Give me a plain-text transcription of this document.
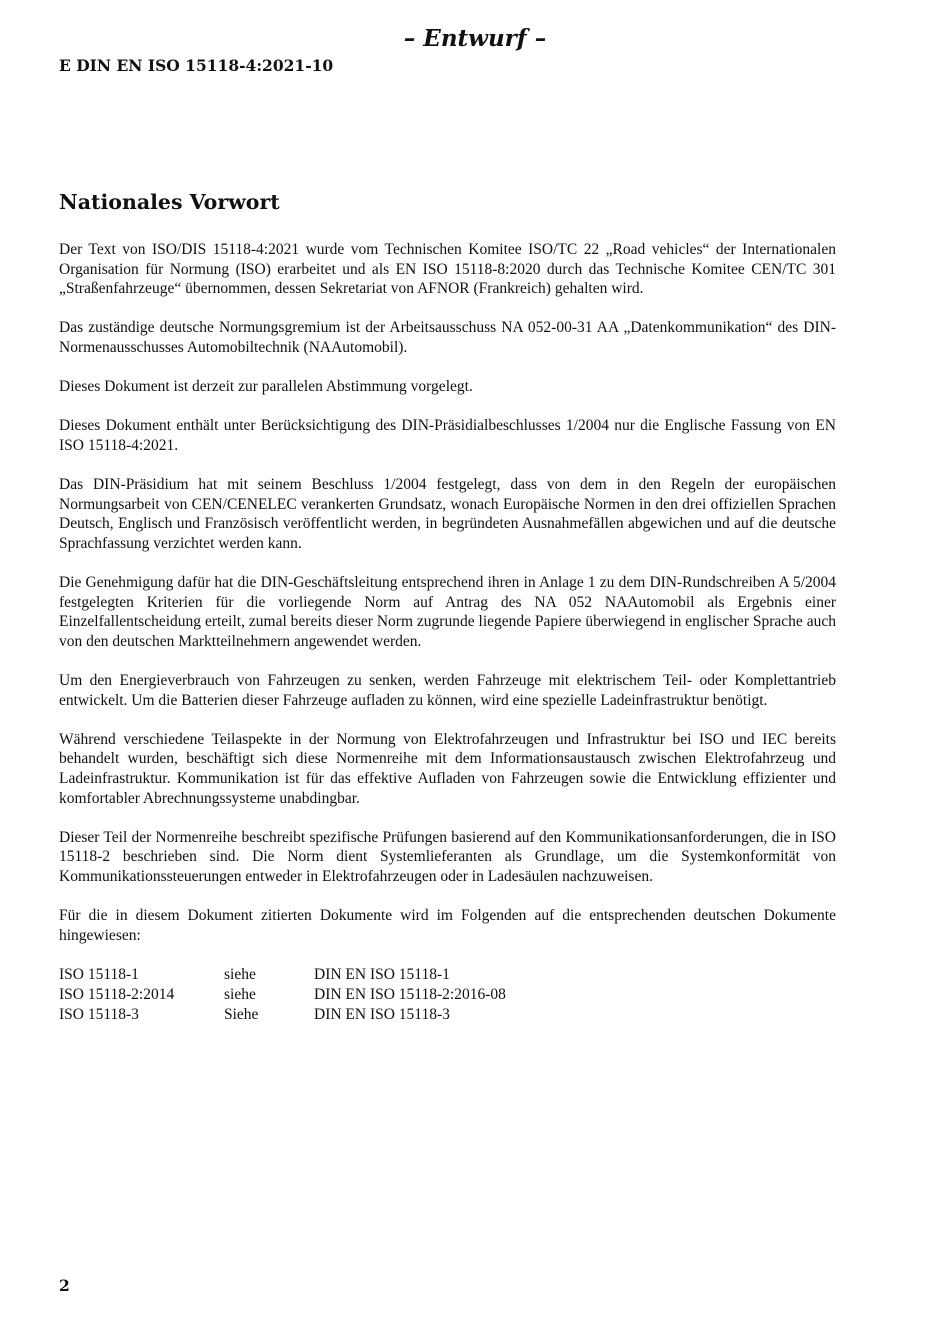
– Entwurf –
E DIN EN ISO 15118-4:2021-10
Nationales Vorwort

Der Text von ISO/DIS 15118-4:2021 wurde vom Technischen Komitee ISO/TC 22 „Road vehicles“ der Internationalen Organisation für Normung (ISO) erarbeitet und als EN ISO 15118-8:2020 durch das Technische Komitee CEN/TC 301 „Straßenfahrzeuge“ übernommen, dessen Sekretariat von AFNOR (Frankreich) gehalten wird.

Das zuständige deutsche Normungsgremium ist der Arbeitsausschuss NA 052-00-31 AA „Datenkommunikation“ des DIN-Normenausschusses Automobiltechnik (NAAutomobil).

Dieses Dokument ist derzeit zur parallelen Abstimmung vorgelegt.

Dieses Dokument enthält unter Berücksichtigung des DIN-Präsidialbeschlusses 1/2004 nur die Englische Fassung von EN ISO 15118-4:2021.

Das DIN-Präsidium hat mit seinem Beschluss 1/2004 festgelegt, dass von dem in den Regeln der europäischen Normungsarbeit von CEN/CENELEC verankerten Grundsatz, wonach Europäische Normen in den drei offiziellen Sprachen Deutsch, Englisch und Französisch veröffentlicht werden, in begründeten Ausnahmefällen abgewichen und auf die deutsche Sprachfassung verzichtet werden kann.

Die Genehmigung dafür hat die DIN-Geschäftsleitung entsprechend ihren in Anlage 1 zu dem DIN-Rundschreiben A 5/2004 festgelegten Kriterien für die vorliegende Norm auf Antrag des NA 052 NAAutomobil als Ergebnis einer Einzelfallentscheidung erteilt, zumal bereits dieser Norm zugrunde liegende Papiere überwiegend in englischer Sprache auch von den deutschen Marktteilnehmern angewendet werden.

Um den Energieverbrauch von Fahrzeugen zu senken, werden Fahrzeuge mit elektrischem Teil- oder Komplettantrieb entwickelt. Um die Batterien dieser Fahrzeuge aufladen zu können, wird eine spezielle Ladeinfrastruktur benötigt.

Während verschiedene Teilaspekte in der Normung von Elektrofahrzeugen und Infrastruktur bei ISO und IEC bereits behandelt wurden, beschäftigt sich diese Normenreihe mit dem Informationsaustausch zwischen Elektrofahrzeug und Ladeinfrastruktur. Kommunikation ist für das effektive Aufladen von Fahrzeugen sowie die Entwicklung effizienter und komfortabler Abrechnungssysteme unabdingbar.

Dieser Teil der Normenreihe beschreibt spezifische Prüfungen basierend auf den Kommunikationsanforderungen, die in ISO 15118-2 beschrieben sind. Die Norm dient Systemlieferanten als Grundlage, um die Systemkonformität von Kommunikationssteuerungen entweder in Elektrofahrzeugen oder in Ladesäulen nachzuweisen.

Für die in diesem Dokument zitierten Dokumente wird im Folgenden auf die entsprechenden deutschen Dokumente hingewiesen:

ISO 15118-1	siehe	DIN EN ISO 15118-1
ISO 15118-2:2014	siehe	DIN EN ISO 15118-2:2016-08
ISO 15118-3	Siehe	DIN EN ISO 15118-3
2
